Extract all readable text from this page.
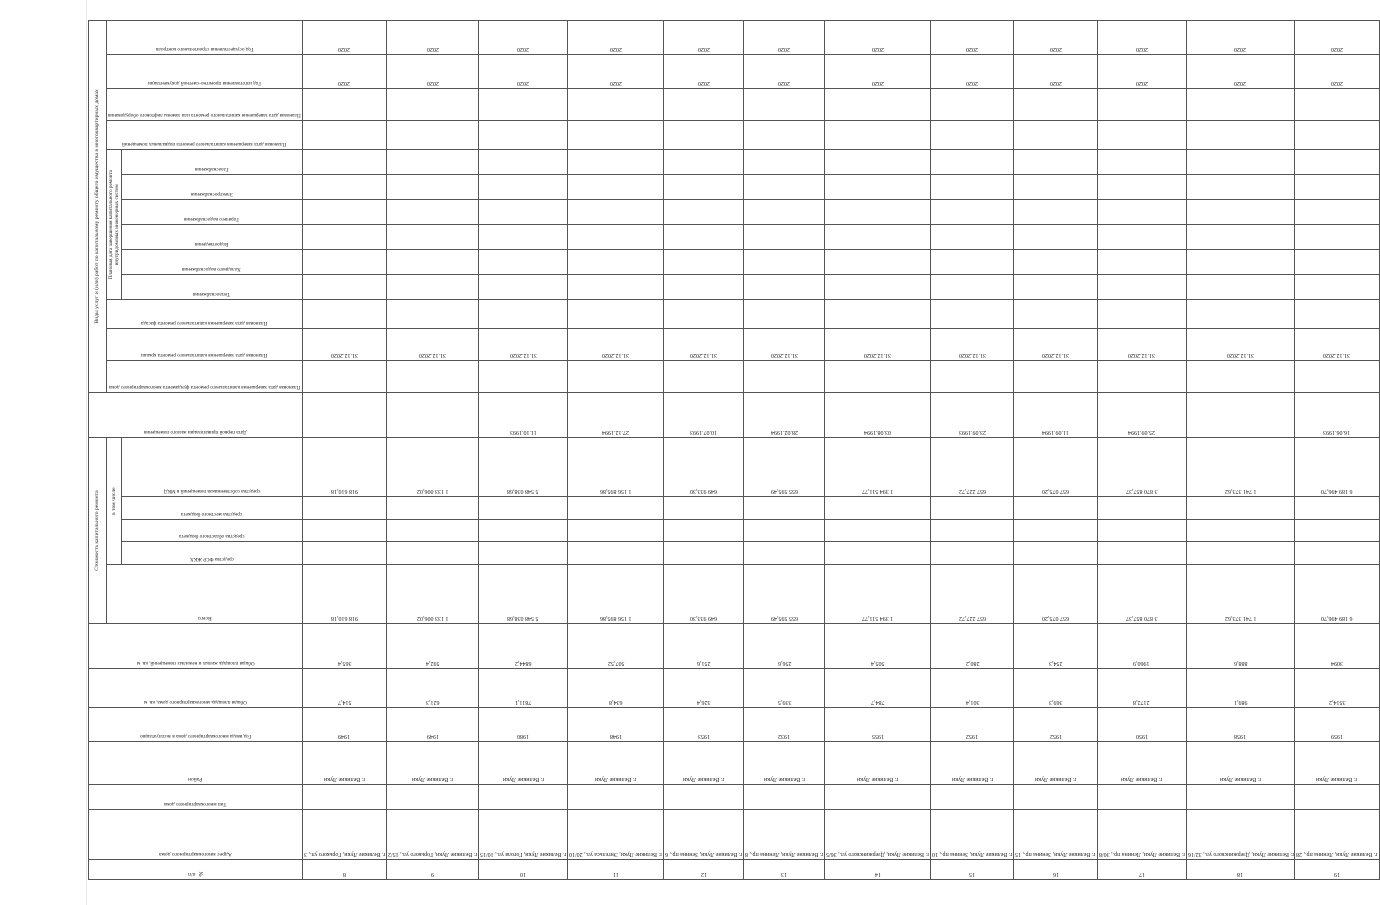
№ п/п	Адрес многоквартирного дома	Тип многоквартирного дома	Район	Год ввода многоквартирного дома в эксплуатацию	Общая площадь многоквартирного дома, кв. м	Общая площадь жилых и нежилых помещений, кв. м	Стоимость капитального ремонта					Дата первой приватизации жилого помещения	Виды услуг и (или) работ по капитальному ремонту общего имущества в многоквартирных домах												

							Всего	в том числе					Плановая дата завершения капитального ремонта фундамента многоквартирного дома	Плановая дата завершения капитального ремонта крыши	Плановая дата завершения капитального ремонта фасада	Плановая дата завершения капитального ремонта внутридомовых инженерных систем						Плановая дата завершения капитального ремонта подвальных помещений	Плановая дата завершения капитального ремонта или замены лифтового оборудования	Год изготовления проектно-сметной документации	Год осуществления строительного контроля

								средства ФСР ЖКХ	средства областного бюджета	средства местного бюджета	средства собственников помещений в МКД					Теплоснабжения	Холодного водоснабжения	Водоотведения	Горячего водоснабжения	Электроснабжения	Газоснабжения				

8	г. Великие Луки, Горького ул., 3		г. Великие Луки	1949	514,7	365,4	918 610,18				918 610,18			31.12.2020										2020	2020

9	г. Великие Луки, Горького ул., 15/2		г. Великие Луки	1949	621,3	592,4	1 133 006,02				1 133 006,02			31.12.2020										2020	2020

10	г. Великие Луки, Гоголя ул., 10/15		г. Великие Луки	1980	7811,1	6844,2	5 548 038,68				5 548 038,68	11.10.1993		31.12.2020										2020	2020

11	г. Великие Луки, Энгельса ул., 20/10		г. Великие Луки	1948	634,8	507,52	1 156 895,86				1 156 895,86	27.12.1994		31.12.2020										2020	2020

12	г. Великие Луки, Зенина пр., 6		г. Великие Луки	1953	326,4	251,6	649 933,30				649 933,30	10.07.1993		31.12.2020										2020	2020

13	г. Великие Луки, Ленина пр., 8		г. Великие Луки	1932	339,5	256,6	655 595,49				655 595,49	28.02.1994		31.12.2020										2020	2020

14	г. Великие Луки, Дзержинского ул., 36/5		г. Великие Луки	1955	784,7	505,4	1 394 511,77				1 394 511,77	03.08.1994		31.12.2020										2020	2020

15	г. Великие Луки, Зенина пр., 10		г. Великие Луки	1952	301,4	280,2	657 227,72				657 227,72	23.09.1993		31.12.2020										2020	2020

16	г. Великие Луки, Зенина пр., 15		г. Великие Луки	1952	369,3	254,3	657 075,20				657 075,20	11.09.1994		31.12.2020										2020	2020

17	г. Великие Луки, Ленина пр., 30/8		г. Великие Луки	1950	2172,8	1960,9	3 870 857,37				3 870 857,37	25.09.1994		31.12.2020										2020	2020

18	г. Великие Луки, Дзержинского ул., 32/16		г. Великие Луки	1958	989,1	888,6	1 741 373,62				1 741 373,62			31.12.2020										2020	2020

19	г. Великие Луки, Ленина пр., 28		г. Великие Луки	1959	3514,2	3094	6 189 496,70				6 189 496,70	16.06.1993		31.12.2020										2020	2020
